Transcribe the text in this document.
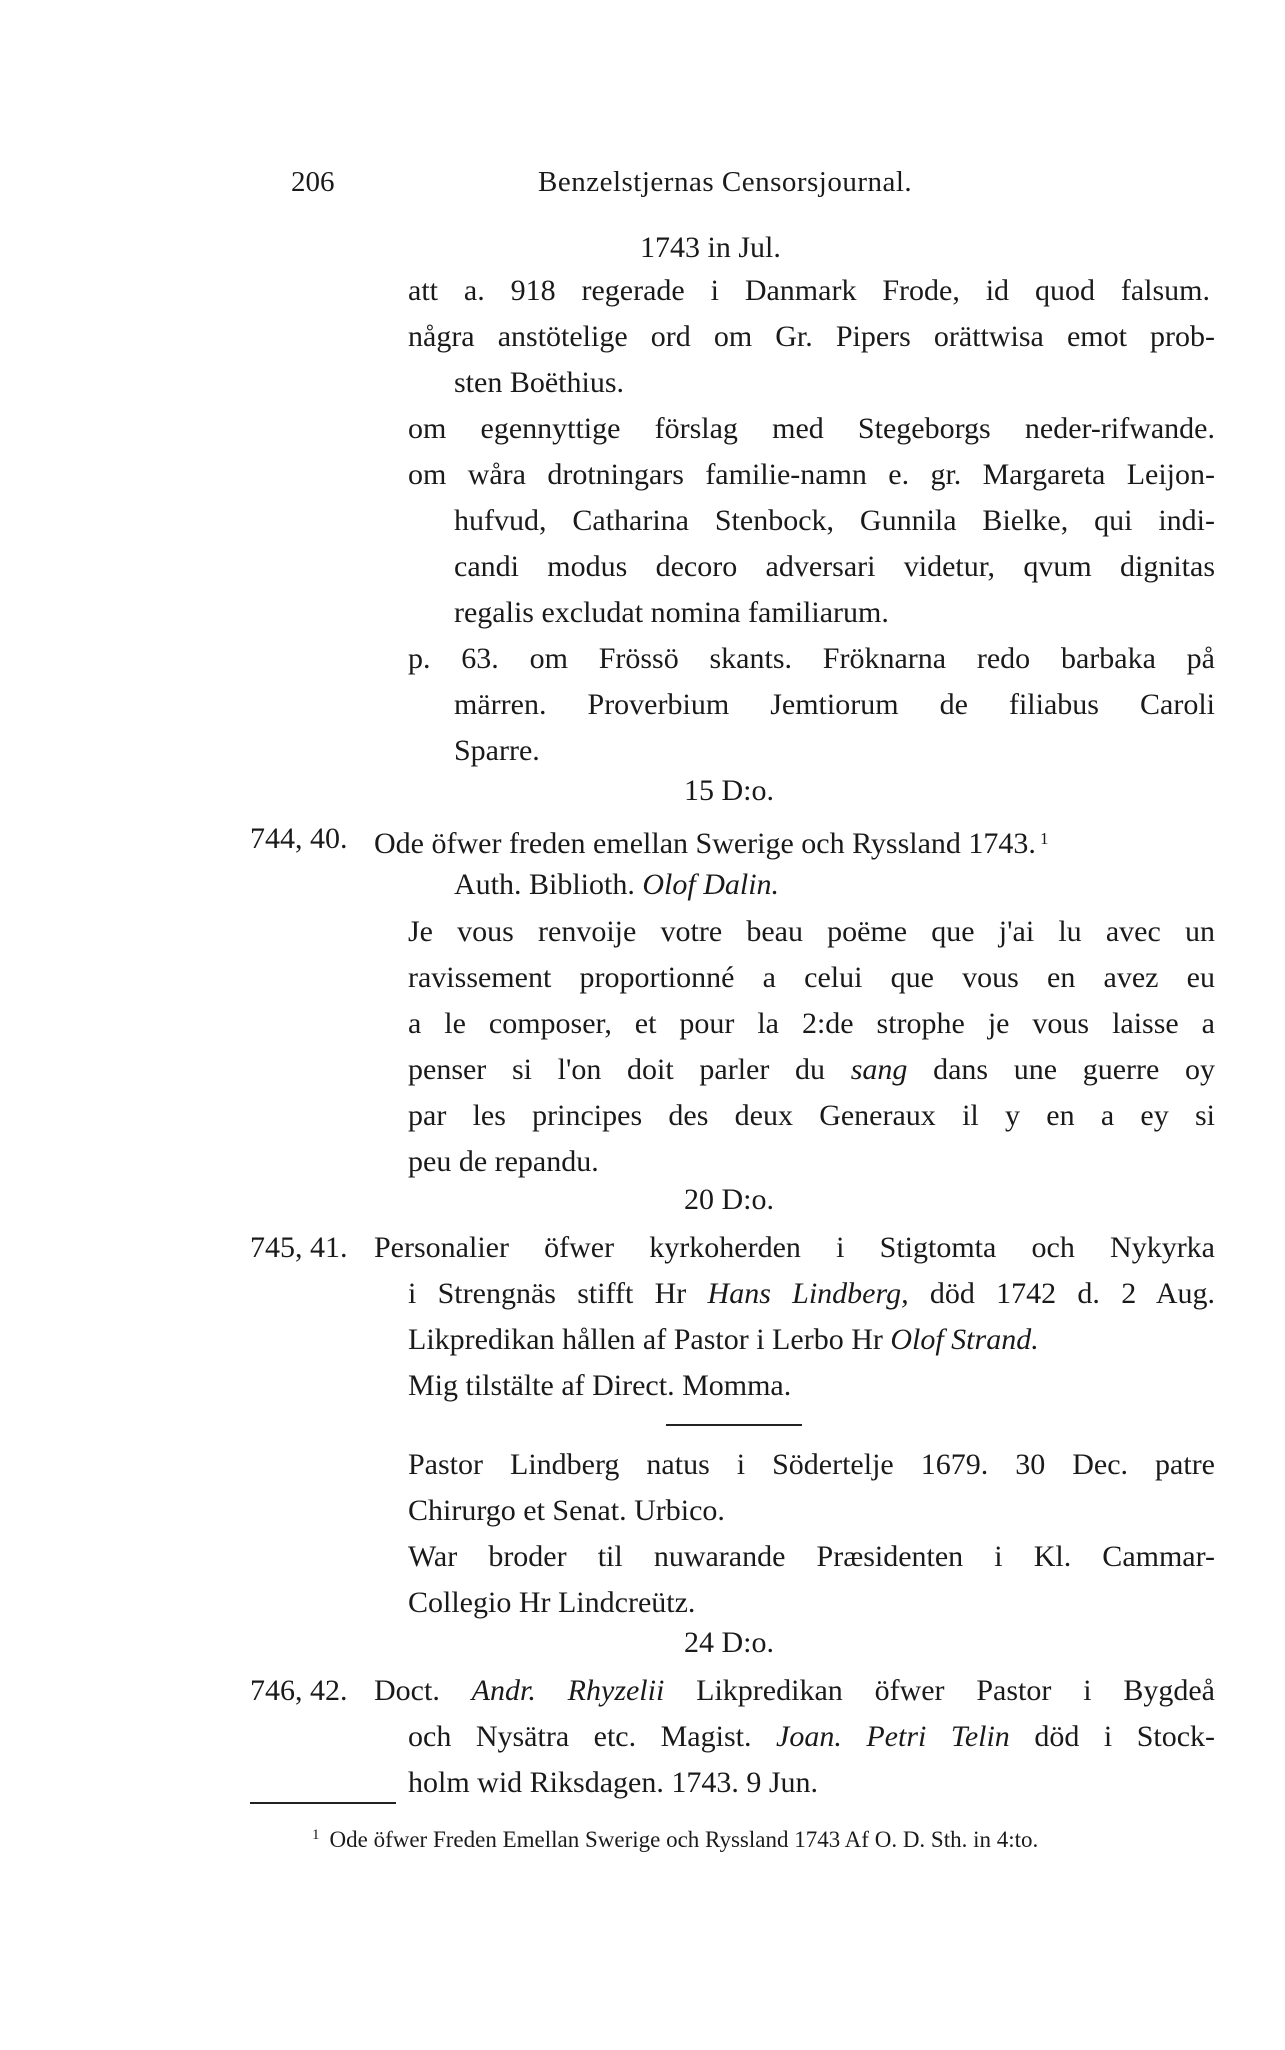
206	Benzelstjernas Censorsjournal.
1743 in Jul.
att a. 918 regerade i Danmark Frode, id quod falsum.
några anstötelige ord om Gr. Pipers orättwisa emot prob-
sten Boëthius.
om egennyttige förslag med Stegeborgs neder-rifwande.
om wåra drotningars familie-namn e. gr. Margareta Leijon-
hufvud, Catharina Stenbock, Gunnila Bielke, qui indi-
candi modus decoro adversari videtur, qvum dignitas
regalis excludat nomina familiarum.
p. 63. om Frössö skants. Fröknarna redo barbaka på
märren. Proverbium Jemtiorum de filiabus Caroli
Sparre.
15 D:o.
744, 40. Ode öfwer freden emellan Swerige och Ryssland 1743. $^1$
Auth. Biblioth. Olof Dalin.
Je vous renvoije votre beau poëme que j'ai lu avec un
ravissement proportionné a celui que vous en avez eu
a le composer, et pour la 2:de strophe je vous laisse a
penser si l'on doit parler du sang dans une guerre oy
par les principes des deux Generaux il y en a ey si
peu de repandu.
20 D:o.
745, 41. Personalier öfwer kyrkoherden i Stigtomta och Nykyrka
i Strengnäs stifft Hr Hans Lindberg, död 1742 d. 2 Aug.
Likpredikan hållen af Pastor i Lerbo Hr Olof Strand.
Mig tilstälte af Direct. Momma.
Pastor Lindberg natus i Södertelje 1679. 30 Dec. patre
Chirurgo et Senat. Urbico.
War broder til nuwarande Præsidenten i Kl. Cammar-
Collegio Hr Lindcreütz.
24 D:o.
746, 42. Doct. Andr. Rhyzelii Likpredikan öfwer Pastor i Bygdeå
och Nysätra etc. Magist. Joan. Petri Telin död i Stock-
holm wid Riksdagen. 1743. 9 Jun.
$^1$ Ode öfwer Freden Emellan Swerige och Ryssland 1743 Af O. D. Sth. in 4:to.
